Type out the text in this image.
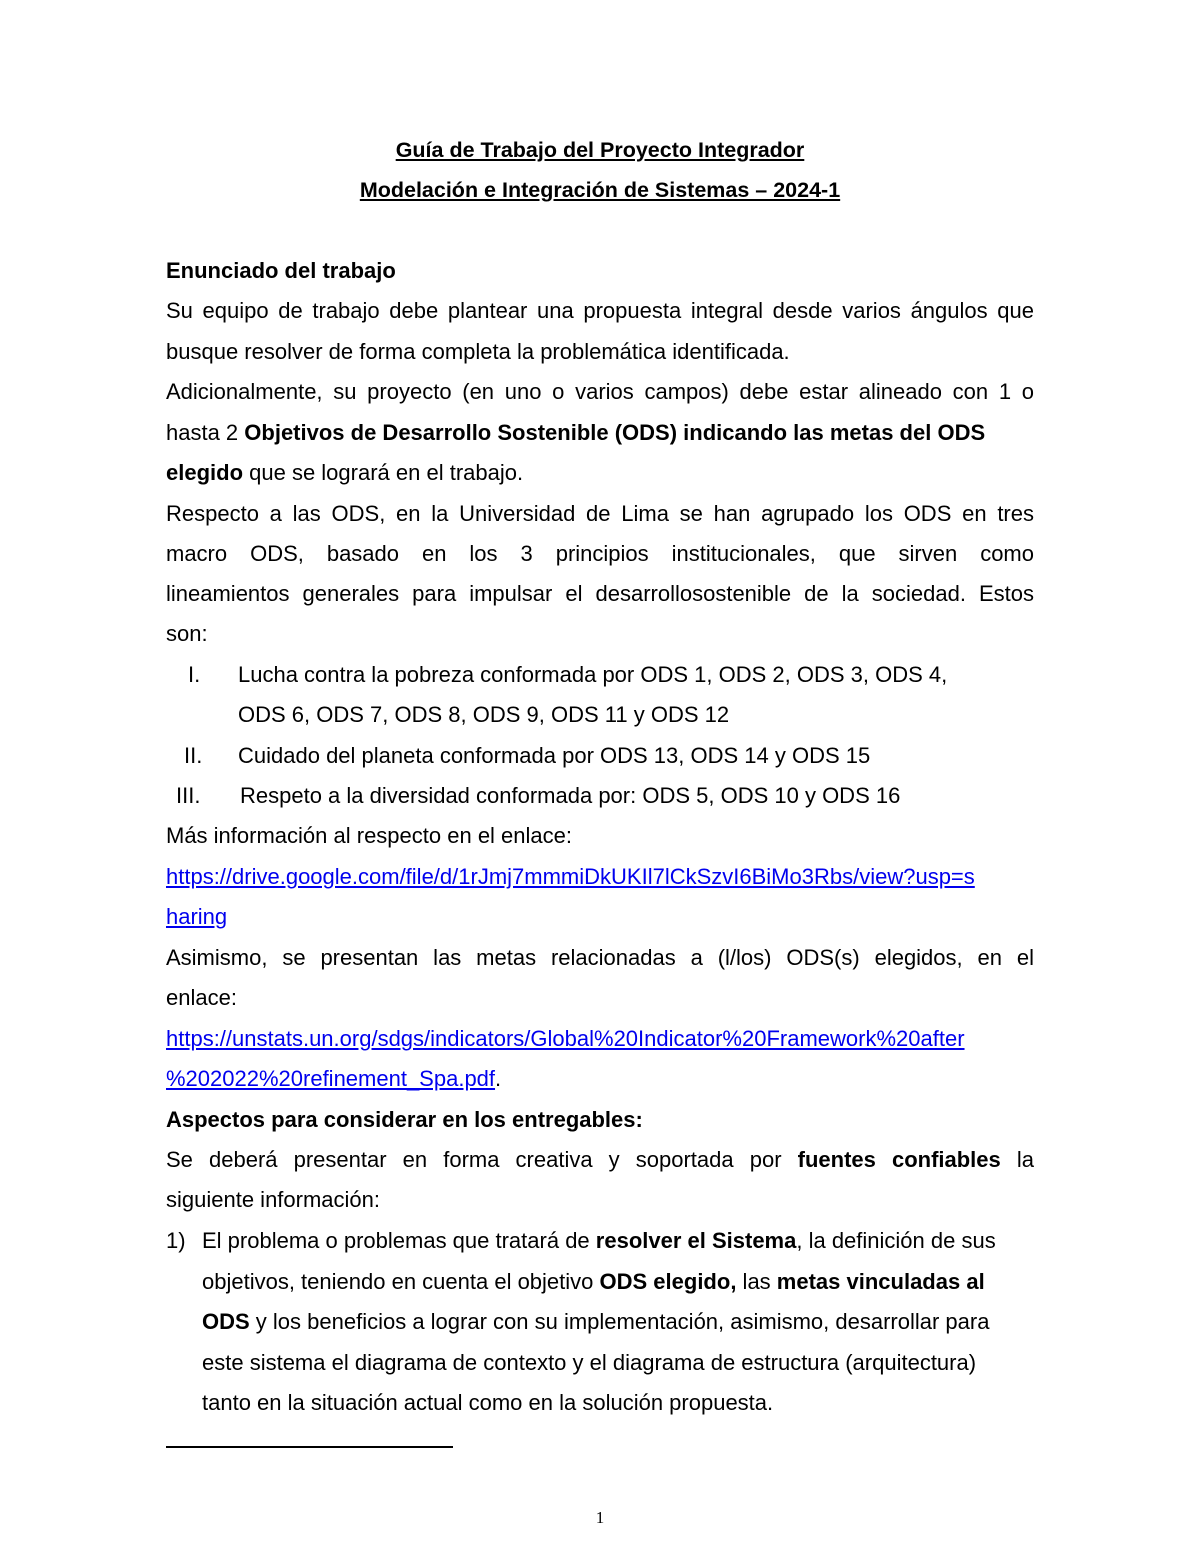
Guía de Trabajo del Proyecto Integrador
Modelación e Integración de Sistemas – 2024-1
Enunciado del trabajo
Su equipo de trabajo debe plantear una propuesta integral desde varios ángulos que
busque resolver de forma completa la problemática identificada.
Adicionalmente, su proyecto (en uno o varios campos) debe estar alineado con 1 o
hasta 2 Objetivos de Desarrollo Sostenible (ODS) indicando las metas del ODS
elegido que se logrará en el trabajo.
Respecto a las ODS, en la Universidad de Lima se han agrupado los ODS en tres
macro ODS, basado en los 3 principios institucionales, que sirven como
lineamientos generales para impulsar el desarrollosostenible de la sociedad. Estos
son:
I. Lucha contra la pobreza conformada por ODS 1, ODS 2, ODS 3, ODS 4,
ODS 6, ODS 7, ODS 8, ODS 9, ODS 11 y ODS 12
II. Cuidado del planeta conformada por ODS 13, ODS 14 y ODS 15
III. Respeto a la diversidad conformada por: ODS 5, ODS 10 y ODS 16
Más información al respecto en el enlace:
https://drive.google.com/file/d/1rJmj7mmmiDkUKIl7lCkSzvI6BiMo3Rbs/view?usp=s
haring
Asimismo, se presentan las metas relacionadas a (l/los) ODS(s) elegidos, en el
enlace:
https://unstats.un.org/sdgs/indicators/Global%20Indicator%20Framework%20after
%202022%20refinement_Spa.pdf.
Aspectos para considerar en los entregables:
Se deberá presentar en forma creativa y soportada por fuentes confiables la
siguiente información:
1) El problema o problemas que tratará de resolver el Sistema, la definición de sus
objetivos, teniendo en cuenta el objetivo ODS elegido, las metas vinculadas al
ODS y los beneficios a lograr con su implementación, asimismo, desarrollar para
este sistema el diagrama de contexto y el diagrama de estructura (arquitectura)
tanto en la situación actual como en la solución propuesta.
1
